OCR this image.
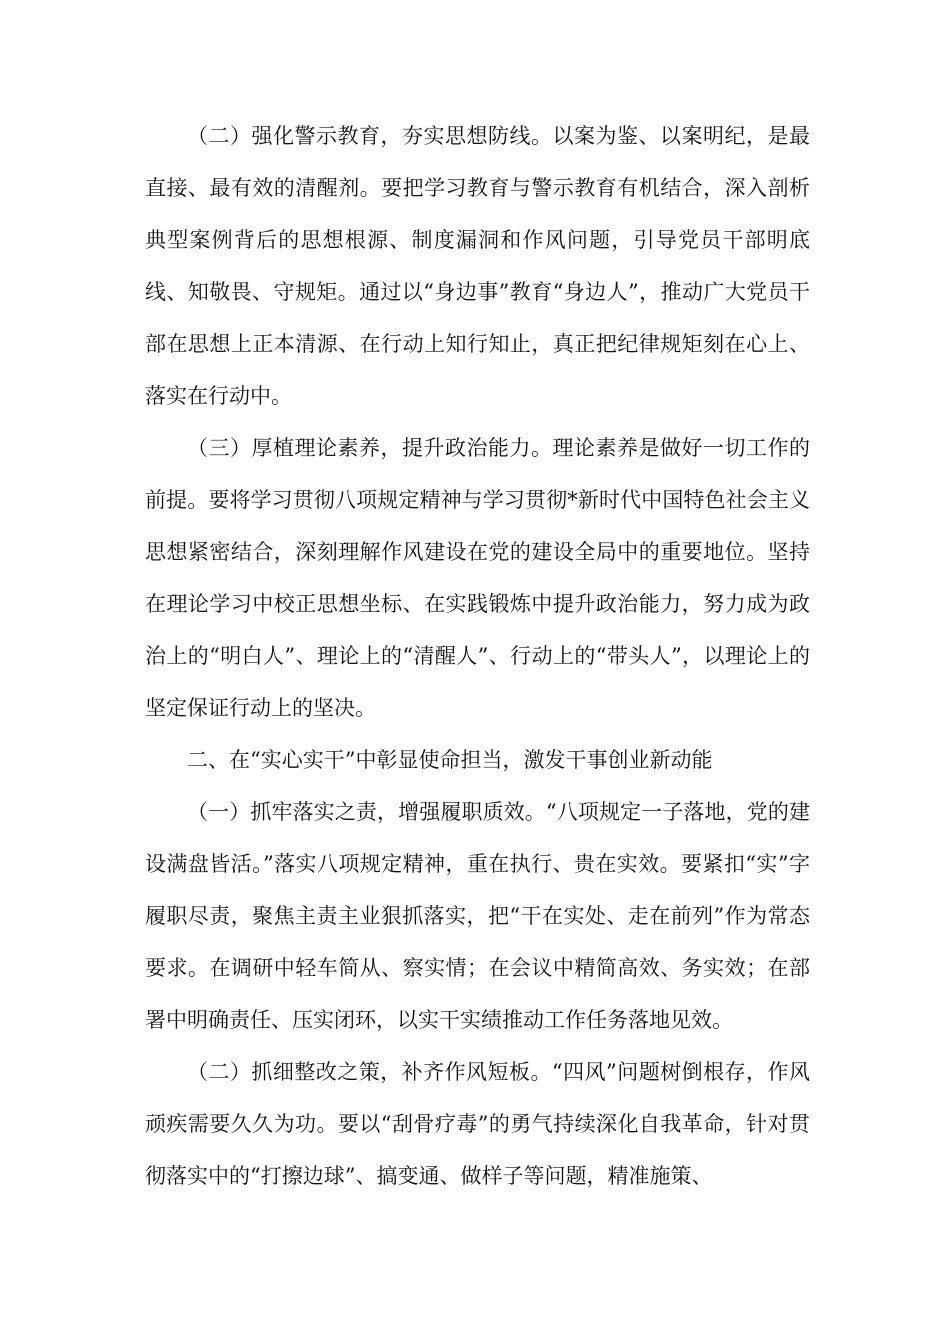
（二）强化警示教育，夯实思想防线。以案为鉴、以案明纪，是最直接、最有效的清醒剂。要把学习教育与警示教育有机结合，深入剖析典型案例背后的思想根源、制度漏洞和作风问题，引导党员干部明底线、知敬畏、守规矩。通过以“身边事”教育“身边人”，推动广大党员干部在思想上正本清源、在行动上知行知止，真正把纪律规矩刻在心上、落实在行动中。

（三）厚植理论素养，提升政治能力。理论素养是做好一切工作的前提。要将学习贯彻八项规定精神与学习贯彻*新时代中国特色社会主义思想紧密结合，深刻理解作风建设在党的建设全局中的重要地位。坚持在理论学习中校正思想坐标、在实践锻炼中提升政治能力，努力成为政治上的“明白人”、理论上的“清醒人”、行动上的“带头人”，以理论上的坚定保证行动上的坚决。

二、在“实心实干”中彰显使命担当，激发干事创业新动能

（一）抓牢落实之责，增强履职质效。“八项规定一子落地，党的建设满盘皆活。”落实八项规定精神，重在执行、贵在实效。要紧扣“实”字履职尽责，聚焦主责主业狠抓落实，把“干在实处、走在前列”作为常态要求。在调研中轻车简从、察实情；在会议中精简高效、务实效；在部署中明确责任、压实闭环，以实干实绩推动工作任务落地见效。

（二）抓细整改之策，补齐作风短板。“四风”问题树倒根存，作风顽疾需要久久为功。要以“刮骨疗毒”的勇气持续深化自我革命，针对贯彻落实中的“打擦边球”、搞变通、做样子等问题，精准施策、
